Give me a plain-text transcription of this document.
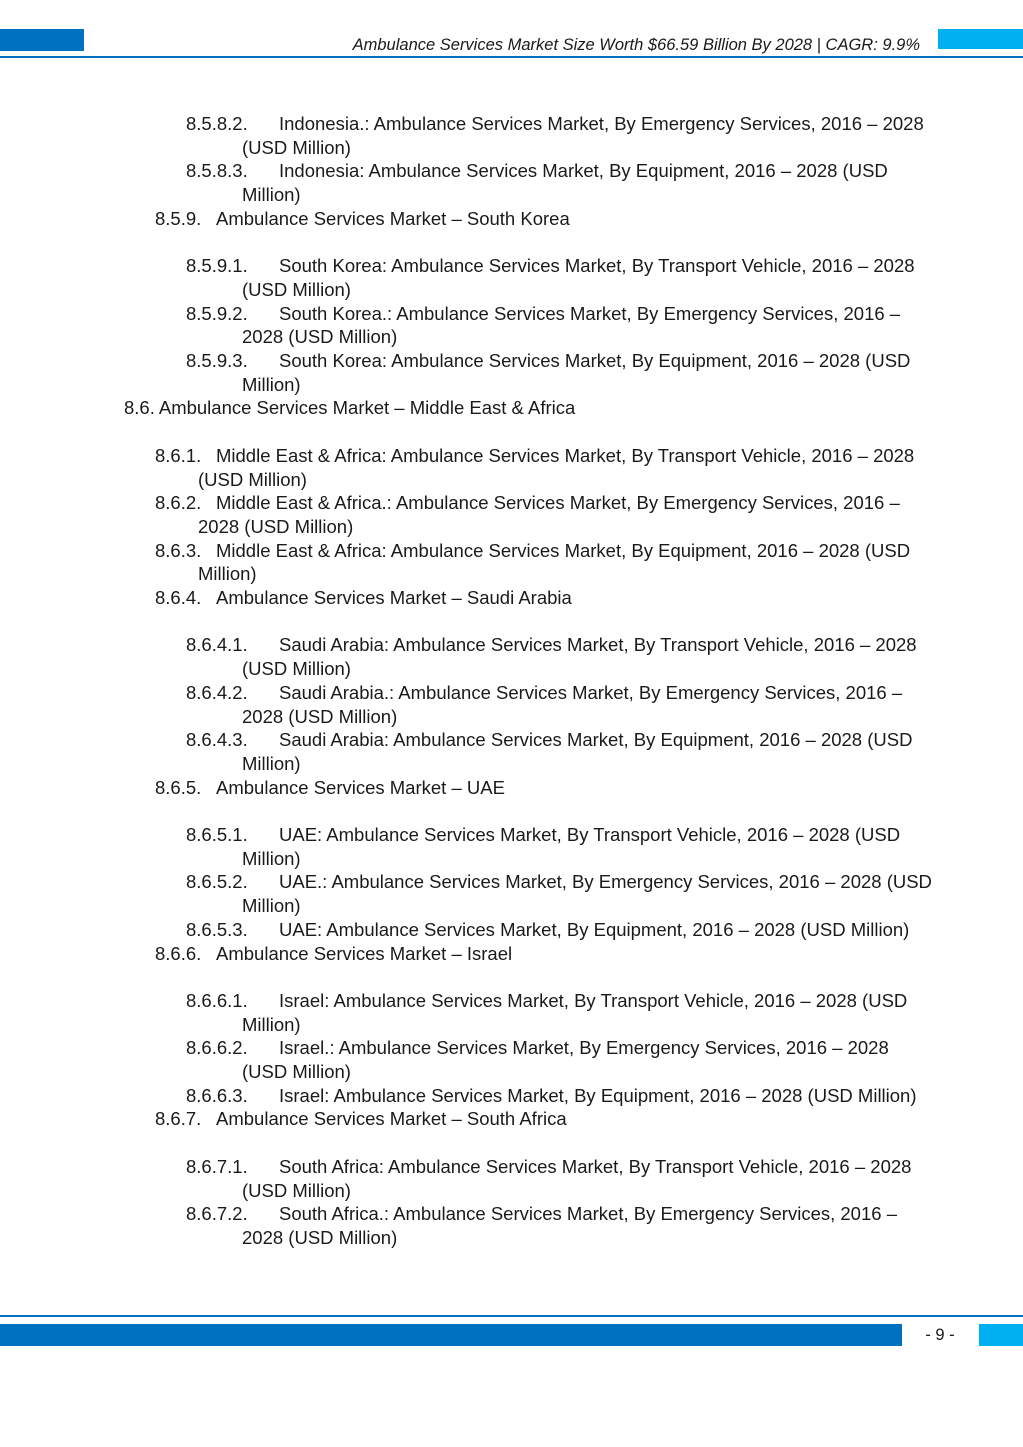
Ambulance Services Market Size Worth $66.59 Billion By 2028 | CAGR: 9.9%
8.5.8.2.	Indonesia.: Ambulance Services Market, By Emergency Services, 2016 – 2028 (USD Million)
8.5.8.3.	Indonesia: Ambulance Services Market, By Equipment, 2016 – 2028 (USD Million)
8.5.9. Ambulance Services Market – South Korea
8.5.9.1.	South Korea: Ambulance Services Market, By Transport Vehicle, 2016 – 2028 (USD Million)
8.5.9.2.	South Korea.: Ambulance Services Market, By Emergency Services, 2016 – 2028 (USD Million)
8.5.9.3.	South Korea: Ambulance Services Market, By Equipment, 2016 – 2028 (USD Million)
8.6. Ambulance Services Market – Middle East & Africa
8.6.1. Middle East & Africa: Ambulance Services Market, By Transport Vehicle, 2016 – 2028 (USD Million)
8.6.2. Middle East & Africa.: Ambulance Services Market, By Emergency Services, 2016 – 2028 (USD Million)
8.6.3. Middle East & Africa: Ambulance Services Market, By Equipment, 2016 – 2028 (USD Million)
8.6.4. Ambulance Services Market – Saudi Arabia
8.6.4.1.	Saudi Arabia: Ambulance Services Market, By Transport Vehicle, 2016 – 2028 (USD Million)
8.6.4.2.	Saudi Arabia.: Ambulance Services Market, By Emergency Services, 2016 – 2028 (USD Million)
8.6.4.3.	Saudi Arabia: Ambulance Services Market, By Equipment, 2016 – 2028 (USD Million)
8.6.5. Ambulance Services Market – UAE
8.6.5.1.	UAE: Ambulance Services Market, By Transport Vehicle, 2016 – 2028 (USD Million)
8.6.5.2.	UAE.: Ambulance Services Market, By Emergency Services, 2016 – 2028 (USD Million)
8.6.5.3.	UAE: Ambulance Services Market, By Equipment, 2016 – 2028 (USD Million)
8.6.6. Ambulance Services Market – Israel
8.6.6.1.	Israel: Ambulance Services Market, By Transport Vehicle, 2016 – 2028 (USD Million)
8.6.6.2.	Israel.: Ambulance Services Market, By Emergency Services, 2016 – 2028 (USD Million)
8.6.6.3.	Israel: Ambulance Services Market, By Equipment, 2016 – 2028 (USD Million)
8.6.7. Ambulance Services Market – South Africa
8.6.7.1.	South Africa: Ambulance Services Market, By Transport Vehicle, 2016 – 2028 (USD Million)
8.6.7.2.	South Africa.: Ambulance Services Market, By Emergency Services, 2016 – 2028 (USD Million)
- 9 -
